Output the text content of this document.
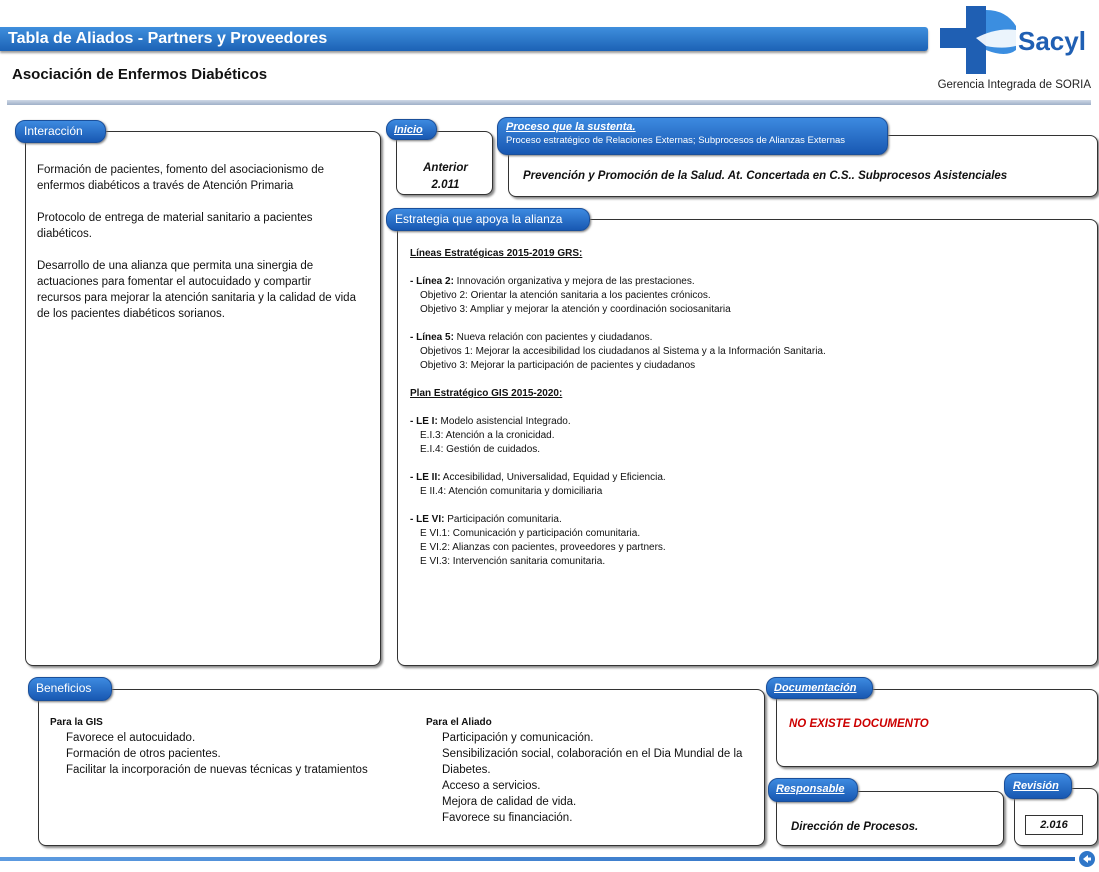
Tabla de Aliados - Partners y Proveedores
Asociación de Enfermos Diabéticos
Sacyl
Gerencia Integrada de SORIA
Formación de pacientes, fomento del asociacionismo de enfermos diabéticos a través de Atención Primaria
Protocolo de entrega de material sanitario a pacientes diabéticos.
Desarrollo de una alianza que permita una sinergia de actuaciones para fomentar el autocuidado y compartir recursos para mejorar la atención sanitaria y la calidad de vida de los pacientes diabéticos sorianos.
Interacción
Anterior
2.011
Inicio
Prevención y Promoción de la Salud. At. Concertada en C.S.. Subprocesos Asistenciales
Proceso que la sustenta.
Proceso estratégico de Relaciones Externas; Subprocesos de Alianzas Externas
Líneas Estratégicas 2015-2019 GRS:
- Línea 2: Innovación organizativa y mejora de las prestaciones.
Objetivo 2: Orientar la atención sanitaria a los pacientes crónicos.
Objetivo 3: Ampliar y mejorar la atención y coordinación sociosanitaria
- Línea 5: Nueva relación con pacientes y ciudadanos.
Objetivos 1: Mejorar la accesibilidad los ciudadanos al Sistema y a la Información Sanitaria.
Objetivo 3: Mejorar la participación de pacientes y ciudadanos
Plan Estratégico GIS 2015-2020:
- LE I: Modelo asistencial Integrado.
E.I.3: Atención a la cronicidad.
E.I.4: Gestión de cuidados.
- LE II: Accesibilidad, Universalidad, Equidad y Eficiencia.
E II.4: Atención comunitaria y domiciliaria
- LE VI: Participación comunitaria.
E VI.1: Comunicación y participación comunitaria.
E VI.2: Alianzas con pacientes, proveedores y partners.
E VI.3: Intervención sanitaria comunitaria.
Estrategia que apoya la alianza
Para la GIS
Favorece el autocuidado.
Formación de otros pacientes.
Facilitar la incorporación de nuevas técnicas y tratamientos
Para el Aliado
Participación y comunicación.
Sensibilización social, colaboración en el Dia Mundial de la Diabetes.
Acceso a servicios.
Mejora de calidad de vida.
Favorece su financiación.
Beneficios
NO EXISTE DOCUMENTO
Documentación
Dirección de Procesos.
Responsable
2.016
Revisión
